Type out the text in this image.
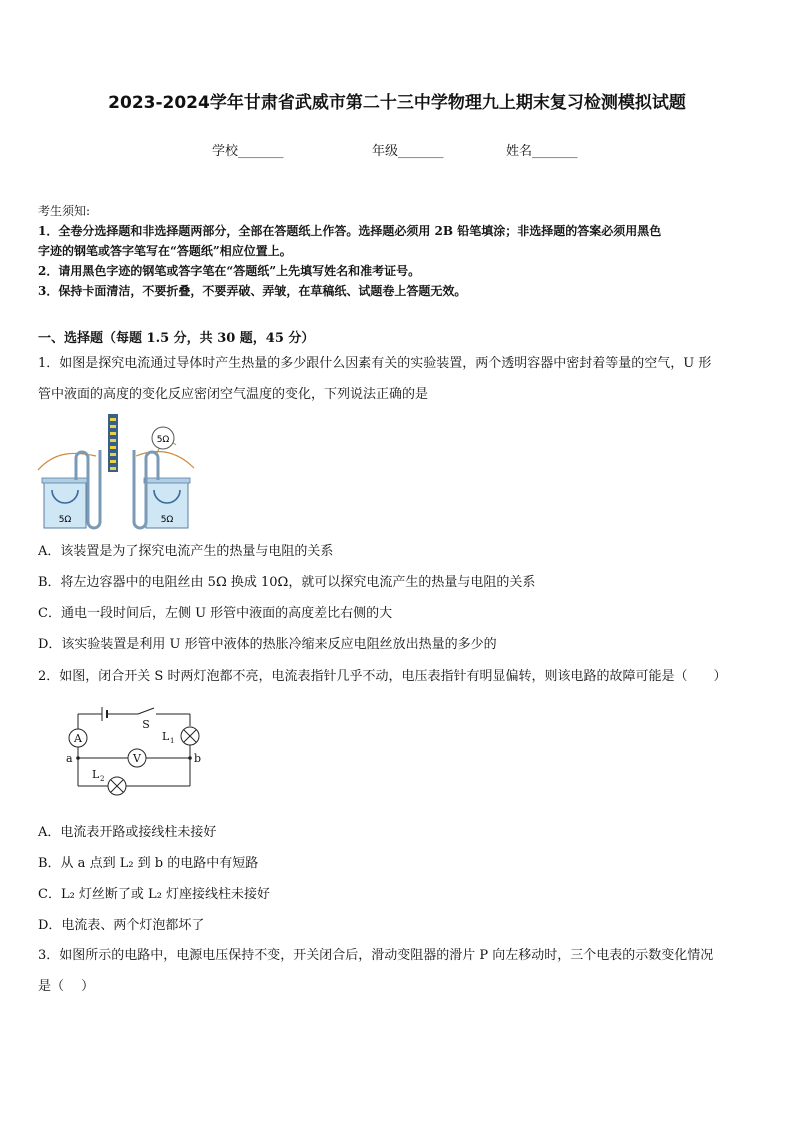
2023-2024学年甘肃省武威市第二十三中学物理九上期末复习检测模拟试题
学校_______	年级_______	姓名_______
考生须知:
1．全卷分选择题和非选择题两部分，全部在答题纸上作答。选择题必须用 2B 铅笔填涂；非选择题的答案必须用黑色
字迹的钢笔或答字笔写在“答题纸”相应位置上。
2．请用黑色字迹的钢笔或答字笔在“答题纸”上先填写姓名和准考证号。
3．保持卡面清洁，不要折叠，不要弄破、弄皱，在草稿纸、试题卷上答题无效。
一、选择题（每题 1.5 分，共 30 题，45 分）
1．如图是探究电流通过导体时产生热量的多少跟什么因素有关的实验装置，两个透明容器中密封着等量的空气，U 形
管中液面的高度的变化反应密闭空气温度的变化，下列说法正确的是
5Ω
5Ω	5Ω
A．该装置是为了探究电流产生的热量与电阻的关系
B．将左边容器中的电阻丝由 5Ω 换成 10Ω，就可以探究电流产生的热量与电阻的关系
C．通电一段时间后，左侧 U 形管中液面的高度差比右侧的大
D．该实验装置是利用 U 形管中液体的热胀冷缩来反应电阻丝放出热量的多少的
2．如图，闭合开关 S 时两灯泡都不亮，电流表指针几乎不动，电压表指针有明显偏转，则该电路的故障可能是（　　）
A
V
S
L 1
L 2
a	b
A．电流表开路或接线柱未接好
B．从 a 点到 L₂ 到 b 的电路中有短路
C．L₂ 灯丝断了或 L₂ 灯座接线柱未接好
D．电流表、两个灯泡都坏了
3．如图所示的电路中，电源电压保持不变，开关闭合后，滑动变阻器的滑片 P 向左移动时，三个电表的示数变化情况
是（　 ）
